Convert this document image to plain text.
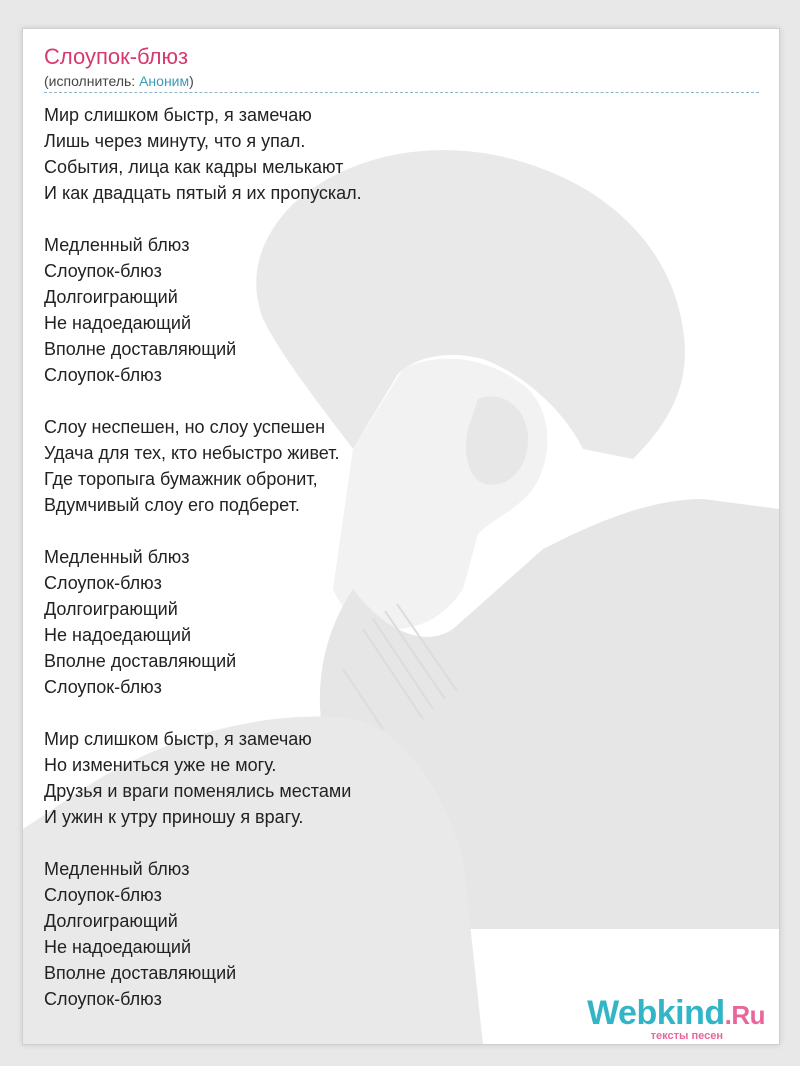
Слоупок-блюз
(исполнитель: Аноним)
Мир слишком быстр, я замечаю
Лишь через минуту, что я упал.
События, лица как кадры мелькают
И как двадцать пятый я их пропускал.
Медленный блюз
Слоупок-блюз
Долгоиграющий
Не надоедающий
Вполне доставляющий
Слоупок-блюз
Слоу неспешен, но слоу успешен
Удача для тех, кто небыстро живет.
Где торопыга бумажник обронит,
Вдумчивый слоу его подберет.
Медленный блюз
Слоупок-блюз
Долгоиграющий
Не надоедающий
Вполне доставляющий
Слоупок-блюз
Мир слишком быстр, я замечаю
Но измениться уже не могу.
Друзья и враги поменялись местами
И ужин к утру приношу я врагу.
Медленный блюз
Слоупок-блюз
Долгоиграющий
Не надоедающий
Вполне доставляющий
Слоупок-блюз	Webkind.Ru
тексты песен
